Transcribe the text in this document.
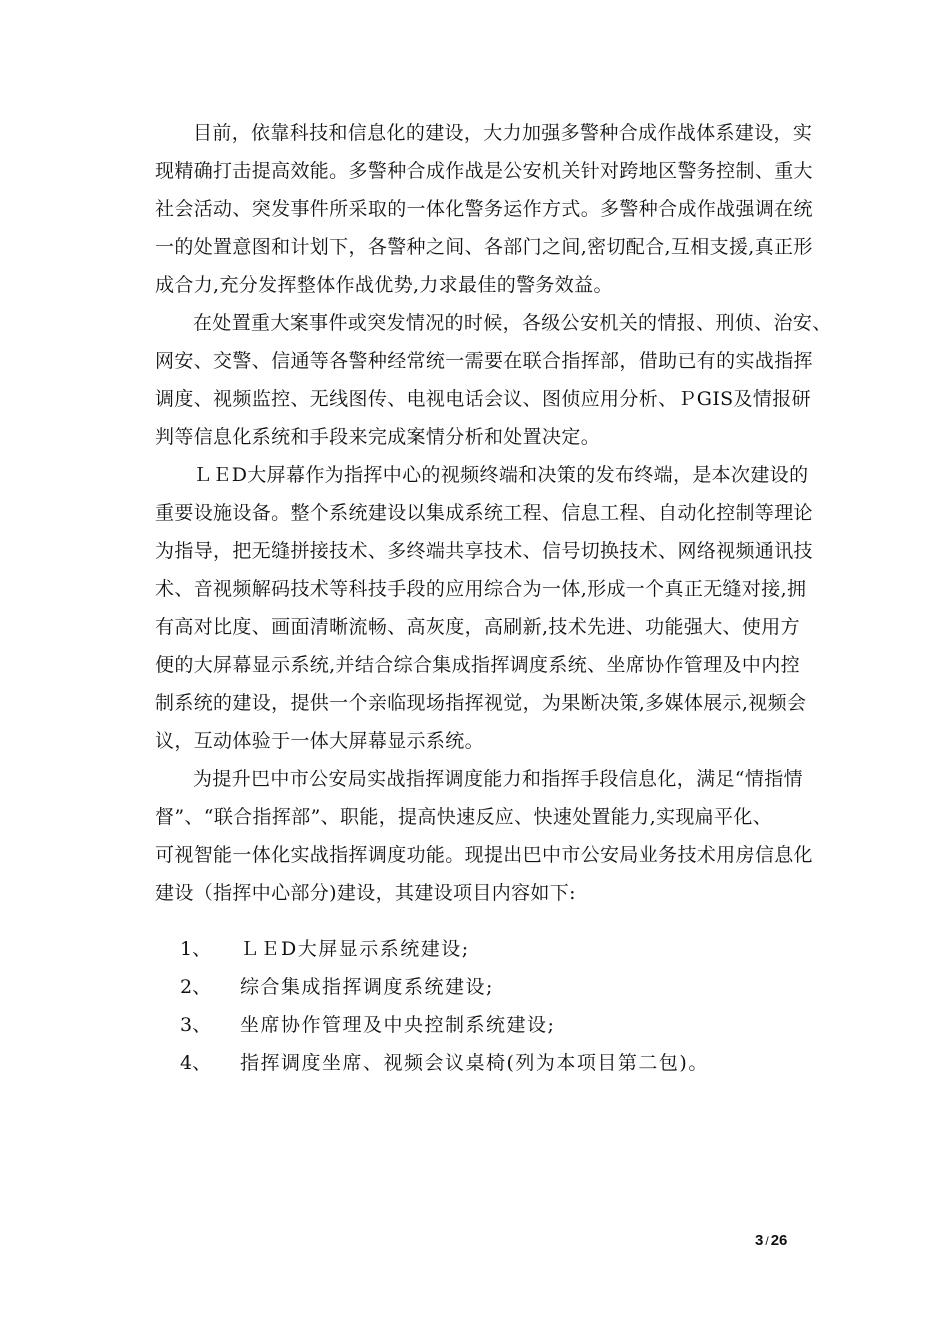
目前，依靠科技和信息化的建设，大力加强多警种合成作战体系建设，实
现精确打击提高效能。多警种合成作战是公安机关针对跨地区警务控制、重大
社会活动、突发事件所采取的一体化警务运作方式。多警种合成作战强调在统
一的处置意图和计划下，各警种之间、各部门之间,密切配合,互相支援,真正形
成合力,充分发挥整体作战优势,力求最佳的警务效益。
在处置重大案事件或突发情况的时候，各级公安机关的情报、刑侦、治安、
网安、交警、信通等各警种经常统一需要在联合指挥部，借助已有的实战指挥
调度、视频监控、无线图传、电视电话会议、图侦应用分析、ＰGIS及情报研
判等信息化系统和手段来完成案情分析和处置决定。
ＬＥD大屏幕作为指挥中心的视频终端和决策的发布终端，是本次建设的
重要设施设备。整个系统建设以集成系统工程、信息工程、自动化控制等理论
为指导，把无缝拼接技术、多终端共享技术、信号切换技术、网络视频通讯技
术、音视频解码技术等科技手段的应用综合为一体,形成一个真正无缝对接,拥
有高对比度、画面清晰流畅、高灰度，高刷新,技术先进、功能强大、使用方
便的大屏幕显示系统,并结合综合集成指挥调度系统、坐席协作管理及中内控
制系统的建设，提供一个亲临现场指挥视觉，为果断决策,多媒体展示,视频会
议，互动体验于一体大屏幕显示系统。
为提升巴中市公安局实战指挥调度能力和指挥手段信息化，满足“情指情
督”、“联合指挥部”、职能，提高快速反应、快速处置能力,实现扁平化、
可视智能一体化实战指挥调度功能。现提出巴中市公安局业务技术用房信息化
建设（指挥中心部分)建设，其建设项目内容如下:
1、 ＬＥD大屏显示系统建设;
2、 综合集成指挥调度系统建设;
3、 坐席协作管理及中央控制系统建设;
4、 指挥调度坐席、视频会议桌椅(列为本项目第二包)。
3 / 26
